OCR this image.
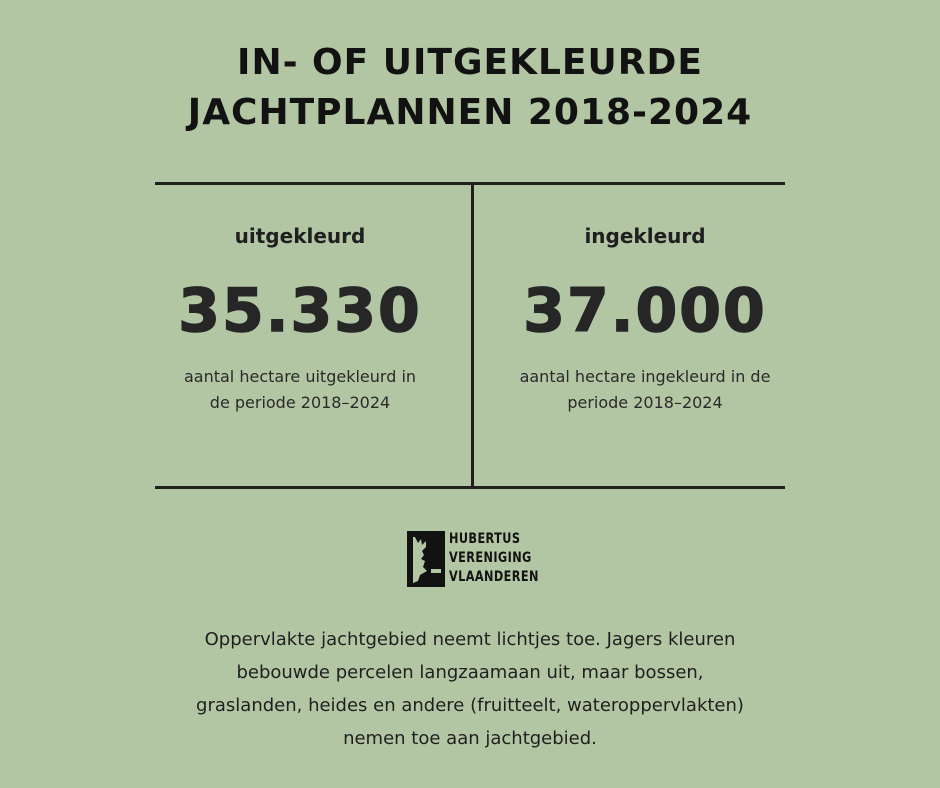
IN- OF UITGEKLEURDE
JACHTPLANNEN 2018-2024
uitgekleurd
35.330
aantal hectare uitgekleurd in
de periode 2018–2024
ingekleurd
37.000
aantal hectare ingekleurd in de
periode 2018–2024
HUBERTUS
VERENIGING
VLAANDEREN
Oppervlakte jachtgebied neemt lichtjes toe. Jagers kleuren
bebouwde percelen langzaamaan uit, maar bossen,
graslanden, heides en andere (fruitteelt, wateroppervlakten)
nemen toe aan jachtgebied.
